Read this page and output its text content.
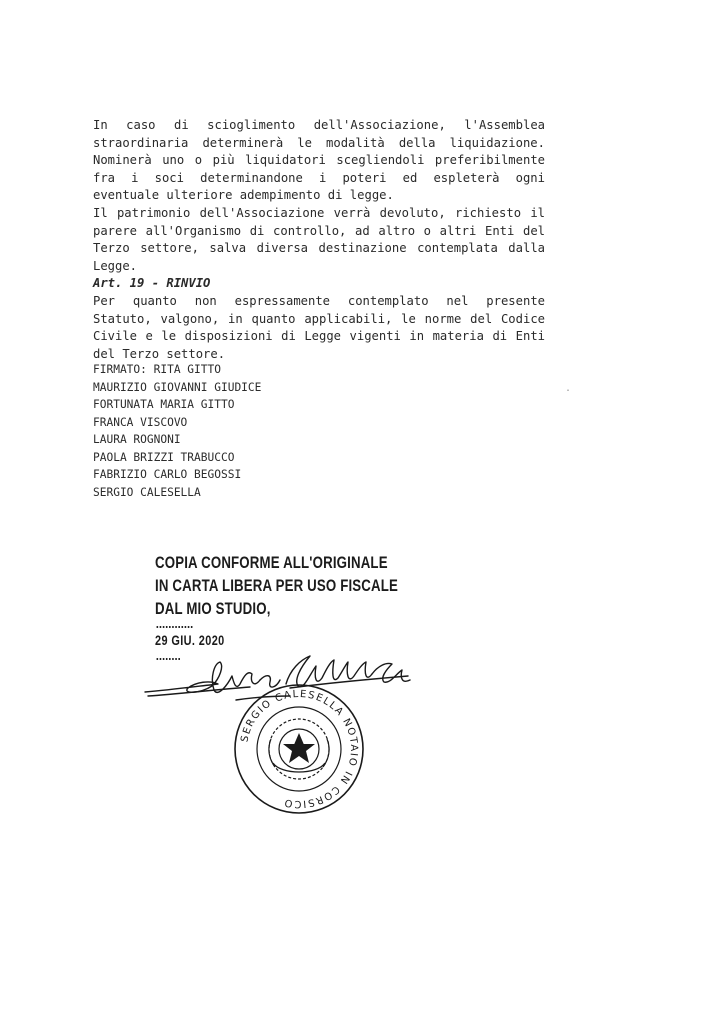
In caso di scioglimento dell'Associazione, l'Assemblea
straordinaria determinerà le modalità della liquidazione.
Nominerà uno o più liquidatori scegliendoli preferibilmente
fra i soci determinandone i poteri ed espleterà ogni
eventuale ulteriore adempimento di legge.
Il patrimonio dell'Associazione verrà devoluto, richiesto il
parere all'Organismo di controllo, ad altro o altri Enti del
Terzo settore, salva diversa destinazione contemplata dalla
Legge.
Art. 19 - RINVIO
Per quanto non espressamente contemplato nel presente
Statuto, valgono, in quanto applicabili, le norme del Codice
Civile e le disposizioni di Legge vigenti in materia di Enti
del Terzo settore.
FIRMATO: RITA GITTO
MAURIZIO GIOVANNI GIUDICE
FORTUNATA MARIA GITTO
FRANCA VISCOVO
LAURA ROGNONI
PAOLA BRIZZI TRABUCCO
FABRIZIO CARLO BEGOSSI
SERGIO CALESELLA
COPIA CONFORME ALL'ORIGINALE
IN CARTA LIBERA PER USO FISCALE
DAL MIO STUDIO,
29 GIU. 2020
SERGIO CALESELLA NOTAIO IN CORSICO
.
